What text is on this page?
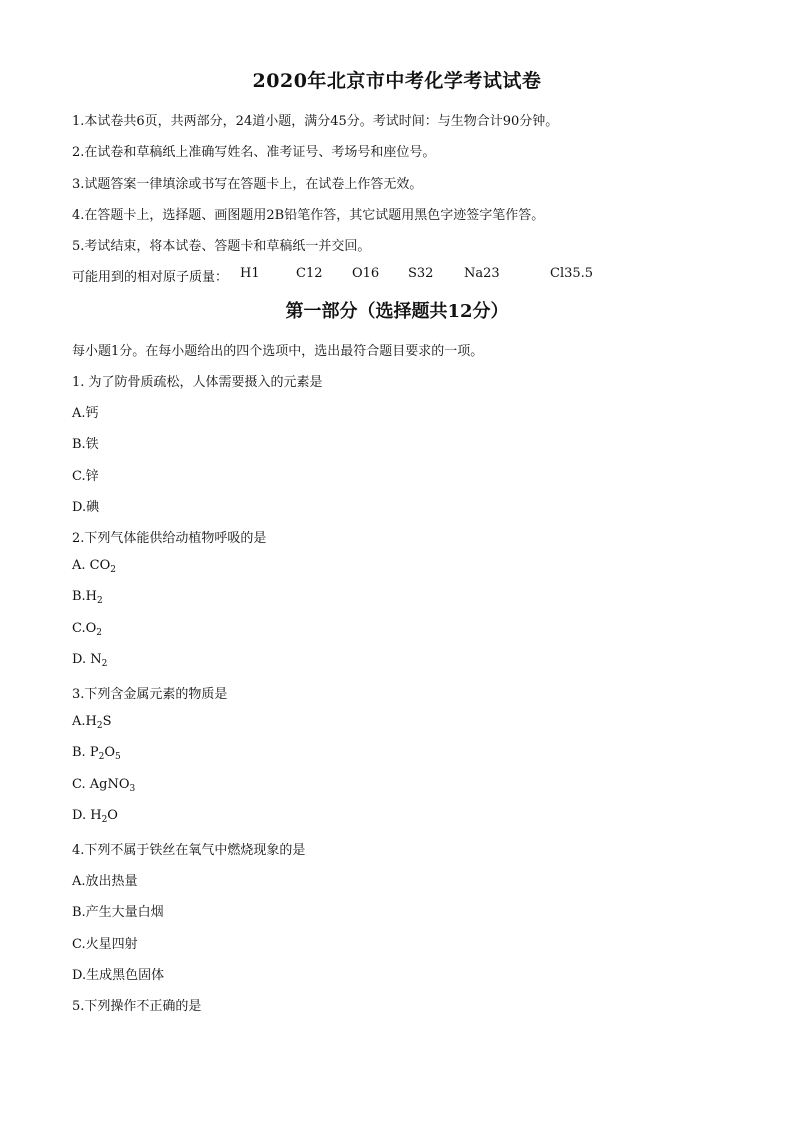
2020年北京市中考化学考试试卷
1.本试卷共6页，共两部分，24道小题，满分45分。考试时间：与生物合计90分钟。
2.在试卷和草稿纸上准确写姓名、准考证号、考场号和座位号。
3.试题答案一律填涂或书写在答题卡上，在试卷上作答无效。
4.在答题卡上，选择题、画图题用2B铅笔作答，其它试题用黑色字迹签字笔作答。
5.考试结束，将本试卷、答题卡和草稿纸一并交回。
可能用到的相对原子质量： H1	C12 O16 S32 Na23	Cl35.5
第一部分（选择题共12分）
每小题1分。在每小题给出的四个选项中，选出最符合题目要求的一项。
1. 为了防骨质疏松，人体需要摄入的元素是
A.钙
B.铁
C.锌
D.碘
2.下列气体能供给动植物呼吸的是
A. $CO_2$
$B.H_2$
$C.O_2$
D. $N_2$
3.下列含金属元素的物质是
$A.H_2S$
B. $P_2O_5$
C. AgNO$_3$
D. $H_2O$
4.下列不属于铁丝在氧气中燃烧现象的是
A.放出热量
B.产生大量白烟
C.火星四射
D.生成黑色固体
5.下列操作不正确的是
